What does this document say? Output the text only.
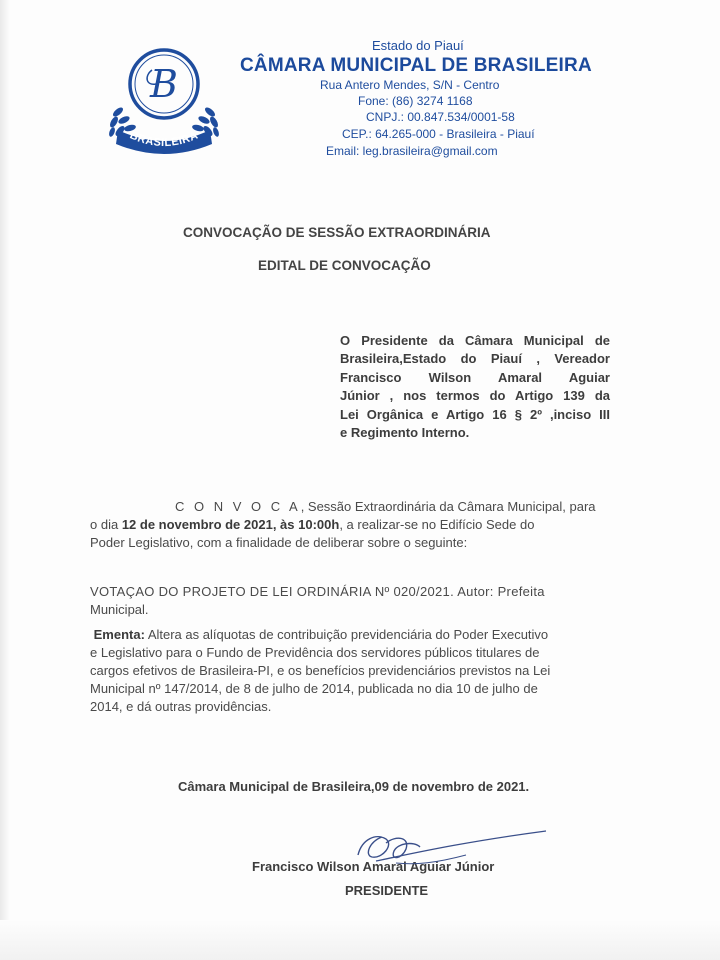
B
BRASILEIRA
Estado do Piauí
CÂMARA MUNICIPAL DE BRASILEIRA
Rua Antero Mendes, S/N - Centro
Fone: (86) 3274 1168
CNPJ.: 00.847.534/0001-58
CEP.: 64.265-000 - Brasileira - Piauí
Email: leg.brasileira@gmail.com
CONVOCAÇÃO DE SESSÃO EXTRAORDINÁRIA
EDITAL DE CONVOCAÇÃO
O Presidente da Câmara Municipal de
Brasileira,Estado do Piauí , Vereador
Francisco Wilson Amaral Aguiar
Júnior , nos termos do Artigo 139 da
Lei Orgânica e Artigo 16 § 2º ,inciso III
e Regimento Interno.
C O N V O C A, Sessão Extraordinária da Câmara Municipal, para
o dia 12 de novembro de 2021, às 10:00h, a realizar-se no Edifício Sede do
Poder Legislativo, com a finalidade de deliberar sobre o seguinte:
VOTAÇAO DO PROJETO DE LEI ORDINÁRIA Nº 020/2021. Autor: Prefeita
Municipal.
Ementa: Altera as alíquotas de contribuição previdenciária do Poder Executivo
e Legislativo para o Fundo de Previdência dos servidores públicos titulares de
cargos efetivos de Brasileira-PI, e os benefícios previdenciários previstos na Lei
Municipal nº 147/2014, de 8 de julho de 2014, publicada no dia 10 de julho de
2014, e dá outras providências.
Câmara Municipal de Brasileira,09 de novembro de 2021.
Francisco Wilson Amaral Aguiar Júnior
PRESIDENTE
